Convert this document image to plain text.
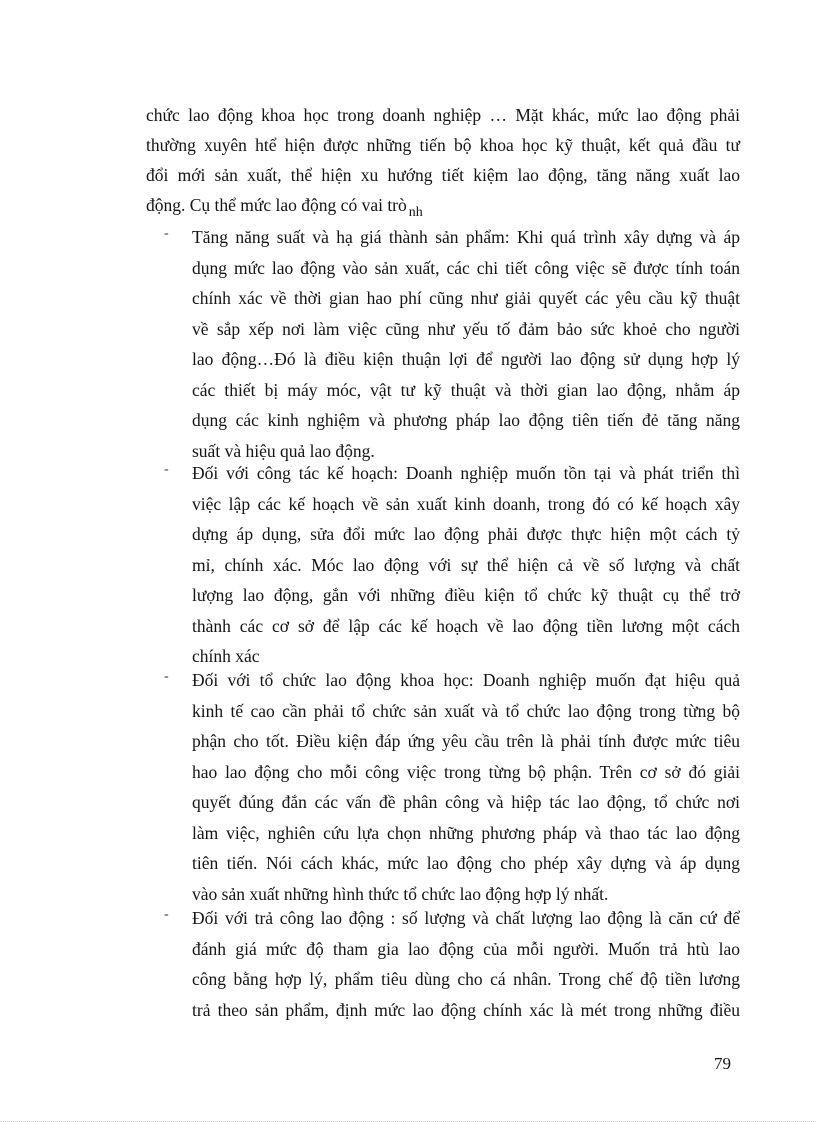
chức lao động khoa học trong doanh nghiệp … Mặt khác, mức lao động phải
thường xuyên htể hiện được những tiến bộ khoa học kỹ thuật, kết quả đầu tư
đổi mới sản xuất, thể hiện xu hướng tiết kiệm lao động, tăng năng xuất lao
động. Cụ thể mức lao động có vai trò $_{nh}$
- Tăng năng suất và hạ giá thành sản phẩm: Khi quá trình xây dựng và áp
dụng mức lao động vào sản xuất, các chi tiết công việc sẽ được tính toán
chính xác về thời gian hao phí cũng như giải quyết các yêu cầu kỹ thuật
về sắp xếp nơi làm việc cũng như yếu tố đảm bảo sức khoẻ cho người
lao động…Đó là điều kiện thuận lợi để người lao động sử dụng hợp lý
các thiết bị máy móc, vật tư kỹ thuật và thời gian lao động, nhằm áp
dụng các kinh nghiệm và phương pháp lao động tiên tiến đẻ tăng năng
suất và hiệu quả lao động.
- Đối với công tác kế hoạch: Doanh nghiệp muốn tồn tại và phát triển thì
việc lập các kế hoạch về sản xuất kinh doanh, trong đó có kế hoạch xây
dựng áp dụng, sửa đổi mức lao động phải được thực hiện một cách tỷ
mỉ, chính xác. Móc lao động với sự thể hiện cả về số lượng và chất
lượng lao động, gắn với những điều kiện tổ chức kỹ thuật cụ thể trở
thành các cơ sở để lập các kế hoạch về lao động tiền lương một cách
chính xác
- Đối với tổ chức lao động khoa học: Doanh nghiệp muốn đạt hiệu quả
kinh tế cao cần phải tổ chức sản xuất và tổ chức lao động trong từng bộ
phận cho tốt. Điều kiện đáp ứng yêu cầu trên là phải tính được mức tiêu
hao lao động cho mỗi công việc trong từng bộ phận. Trên cơ sở đó giải
quyết đúng đắn các vấn đề phân công và hiệp tác lao động, tổ chức nơi
làm việc, nghiên cứu lựa chọn những phương pháp và thao tác lao động
tiên tiến. Nói cách khác, mức lao động cho phép xây dựng và áp dụng
vào sản xuất những hình thức tổ chức lao động hợp lý nhất.
- Đối với trả công lao động : số lượng và chất lượng lao động là căn cứ để
đánh giá mức độ tham gia lao động của mỗi người. Muốn trả htù lao
công bằng hợp lý, phẩm tiêu dùng cho cá nhân. Trong chế độ tiền lương
trả theo sản phẩm, định mức lao động chính xác là mét trong những điều
79
